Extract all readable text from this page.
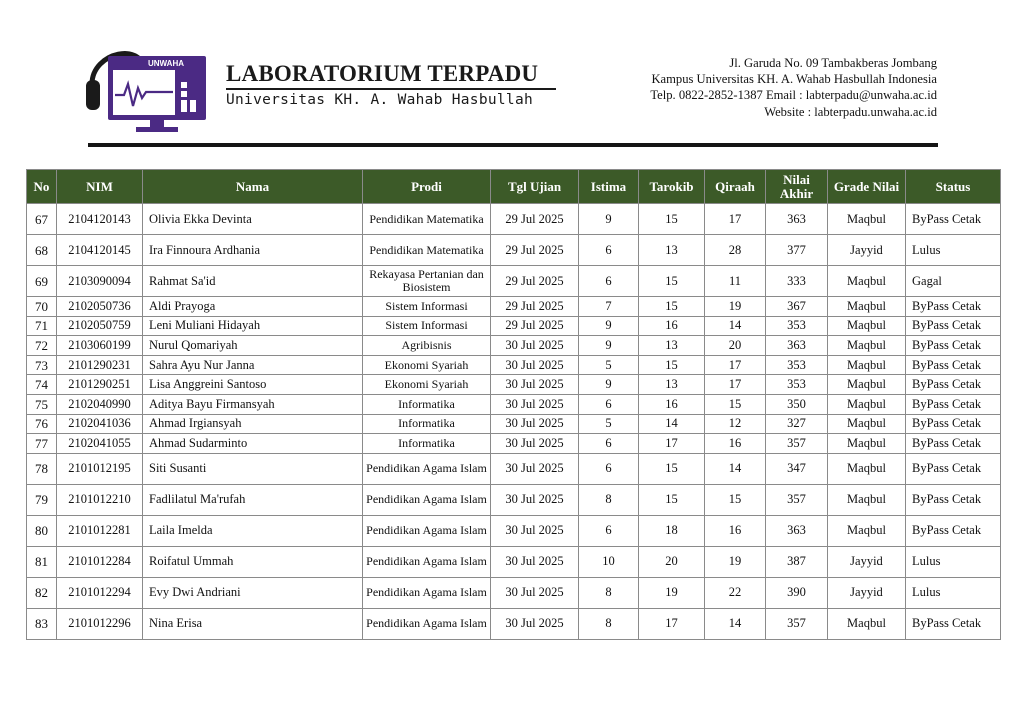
UNWAHA LABORATORIUM TERPADU
Universitas KH. A. Wahab Hasbullah
Jl. Garuda No. 09 Tambakberas Jombang
Kampus Universitas KH. A. Wahab Hasbullah Indonesia
Telp. 0822-2852-1387 Email : labterpadu@unwaha.ac.id
Website : labterpadu.unwaha.ac.id
No	NIM	Nama	Prodi	Tgl Ujian	Istima	Tarokib	Qiraah	Nilai Akhir	Grade Nilai	Status
67	2104120143	Olivia Ekka Devinta	Pendidikan Matematika	29 Jul 2025	9	15	17	363	Maqbul	ByPass Cetak
68	2104120145	Ira Finnoura Ardhania	Pendidikan Matematika	29 Jul 2025	6	13	28	377	Jayyid	Lulus
69	2103090094	Rahmat Sa'id	Rekayasa Pertanian dan Biosistem	29 Jul 2025	6	15	11	333	Maqbul	Gagal
70	2102050736	Aldi Prayoga	Sistem Informasi	29 Jul 2025	7	15	19	367	Maqbul	ByPass Cetak
71	2102050759	Leni Muliani Hidayah	Sistem Informasi	29 Jul 2025	9	16	14	353	Maqbul	ByPass Cetak
72	2103060199	Nurul Qomariyah	Agribisnis	30 Jul 2025	9	13	20	363	Maqbul	ByPass Cetak
73	2101290231	Sahra Ayu Nur Janna	Ekonomi Syariah	30 Jul 2025	5	15	17	353	Maqbul	ByPass Cetak
74	2101290251	Lisa Anggreini Santoso	Ekonomi Syariah	30 Jul 2025	9	13	17	353	Maqbul	ByPass Cetak
75	2102040990	Aditya Bayu Firmansyah	Informatika	30 Jul 2025	6	16	15	350	Maqbul	ByPass Cetak
76	2102041036	Ahmad Irgiansyah	Informatika	30 Jul 2025	5	14	12	327	Maqbul	ByPass Cetak
77	2102041055	Ahmad Sudarminto	Informatika	30 Jul 2025	6	17	16	357	Maqbul	ByPass Cetak
78	2101012195	Siti Susanti	Pendidikan Agama Islam	30 Jul 2025	6	15	14	347	Maqbul	ByPass Cetak
79	2101012210	Fadlilatul Ma'rufah	Pendidikan Agama Islam	30 Jul 2025	8	15	15	357	Maqbul	ByPass Cetak
80	2101012281	Laila Imelda	Pendidikan Agama Islam	30 Jul 2025	6	18	16	363	Maqbul	ByPass Cetak
81	2101012284	Roifatul Ummah	Pendidikan Agama Islam	30 Jul 2025	10	20	19	387	Jayyid	Lulus
82	2101012294	Evy Dwi Andriani	Pendidikan Agama Islam	30 Jul 2025	8	19	22	390	Jayyid	Lulus
83	2101012296	Nina Erisa	Pendidikan Agama Islam	30 Jul 2025	8	17	14	357	Maqbul	ByPass Cetak
